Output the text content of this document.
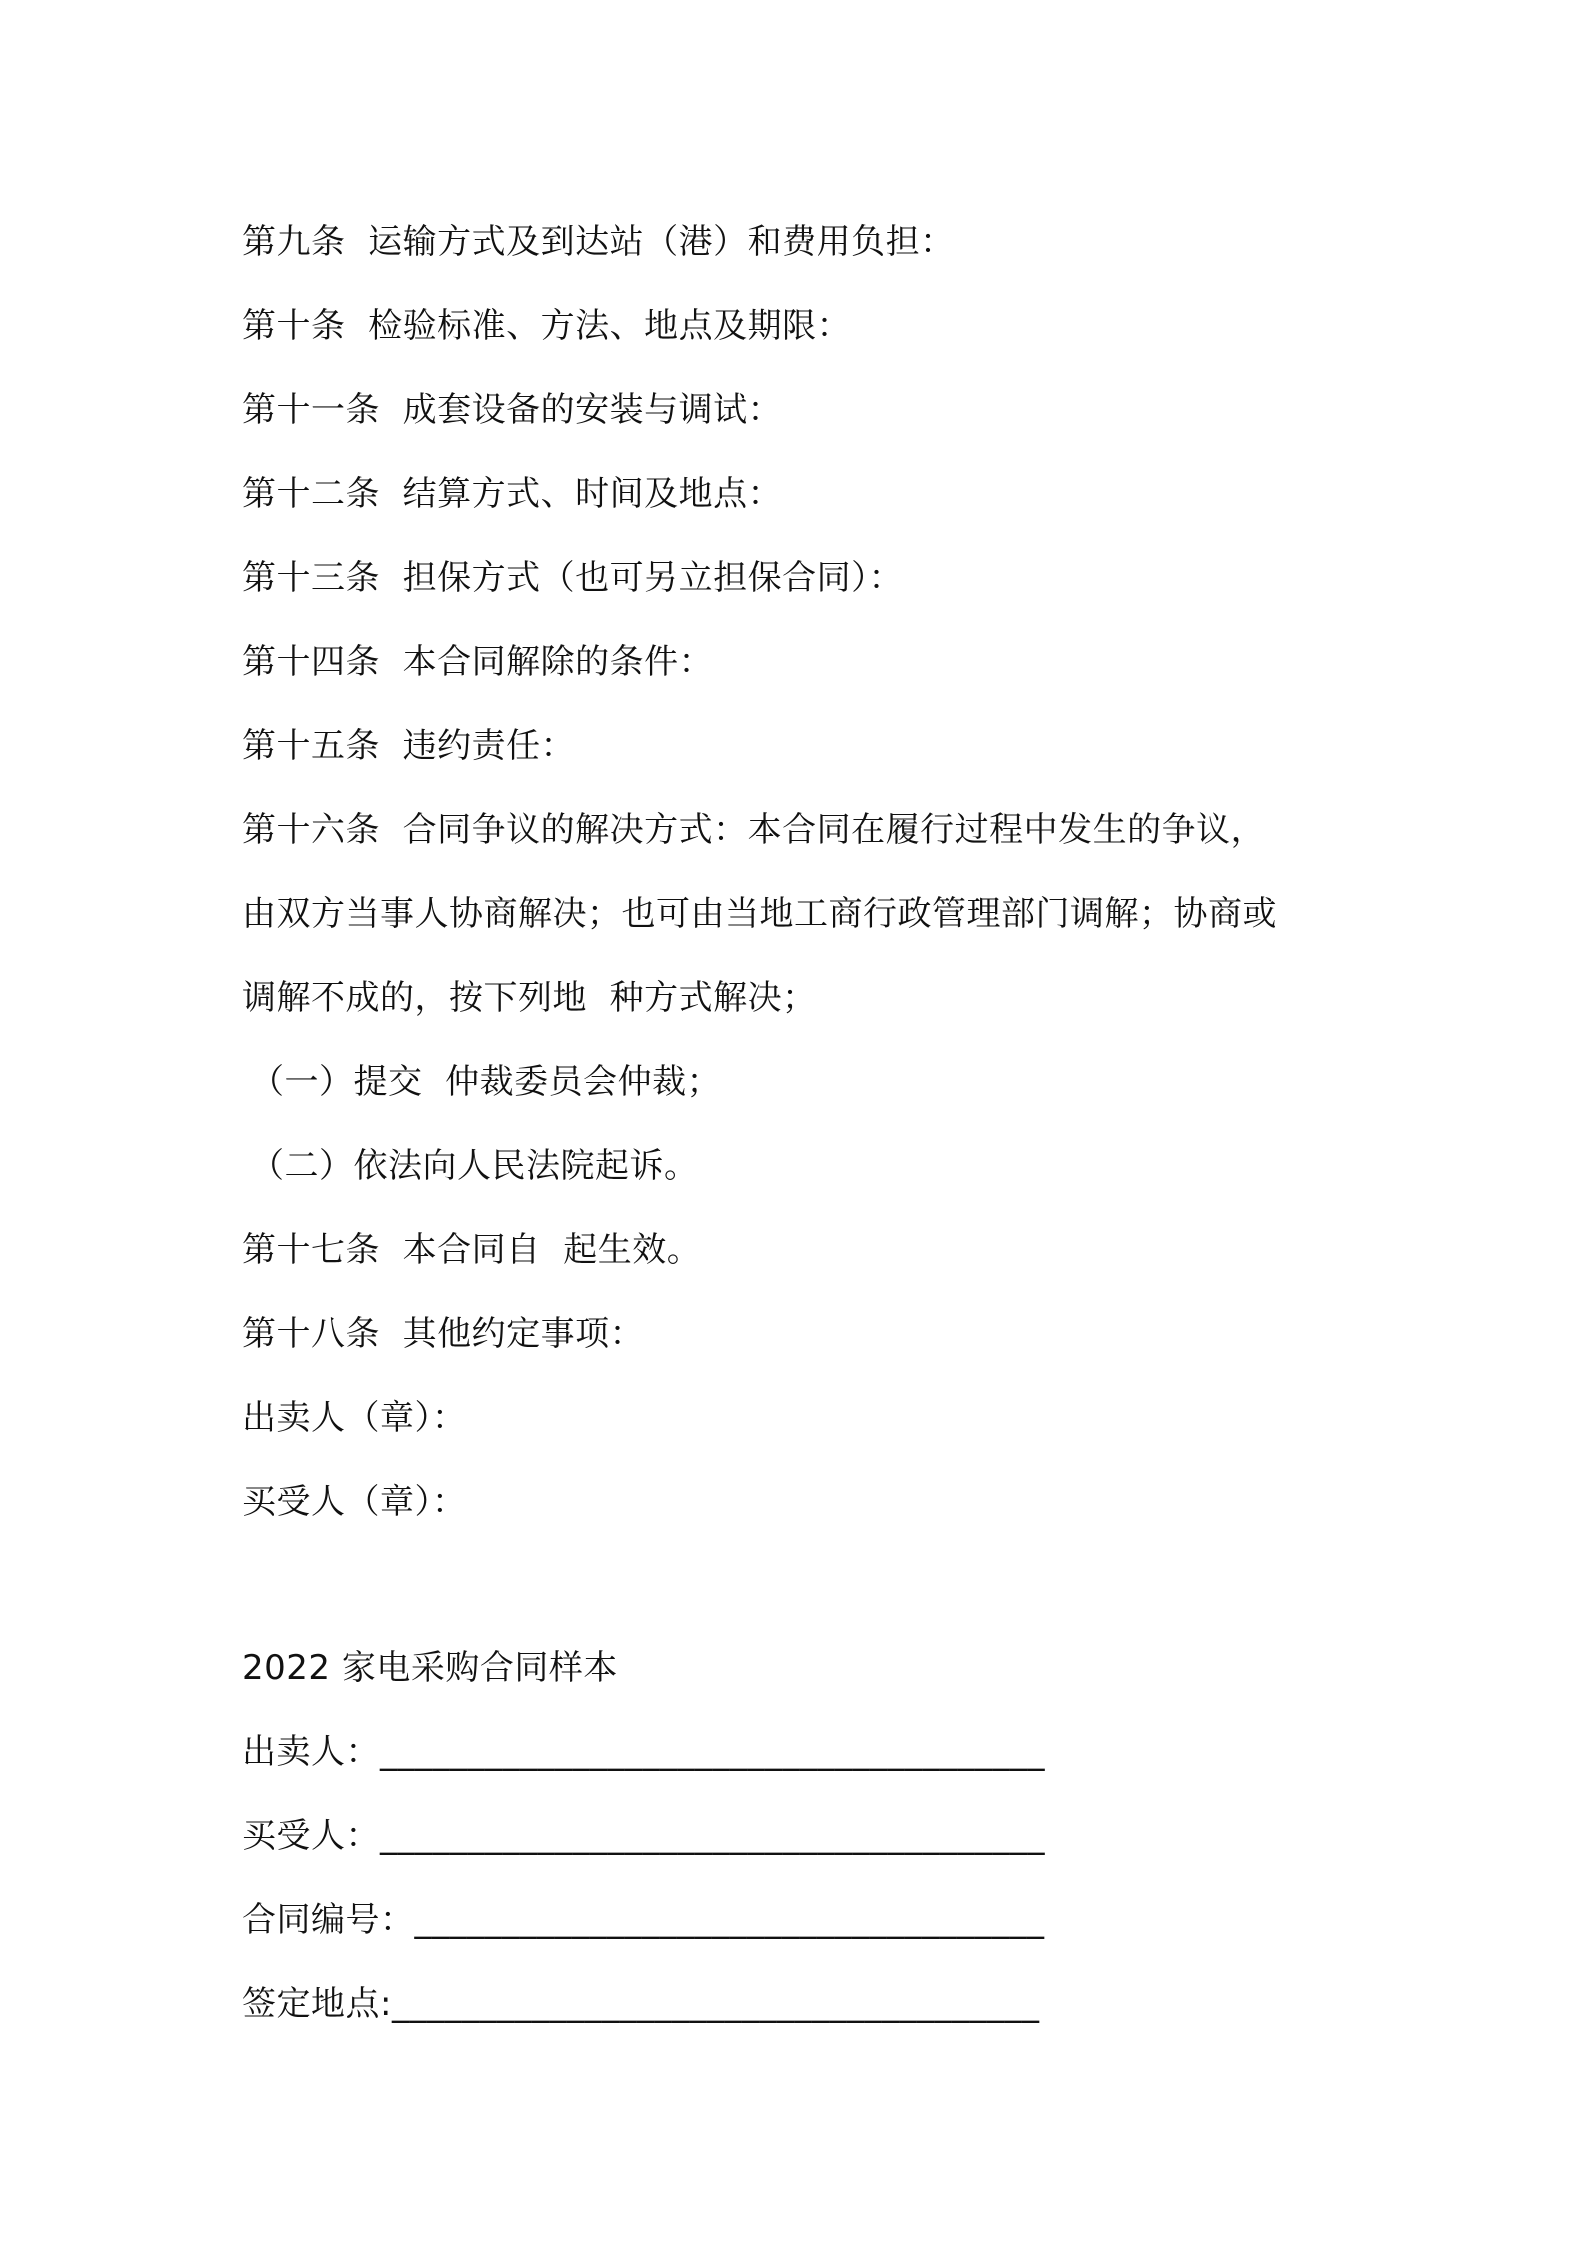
第九条  运输方式及到达站（港）和费用负担：
第十条  检验标准、方法、地点及期限：
第十一条  成套设备的安装与调试：
第十二条  结算方式、时间及地点：
第十三条  担保方式（也可另立担保合同）：
第十四条  本合同解除的条件：
第十五条  违约责任：
第十六条  合同争议的解决方式：本合同在履行过程中发生的争议，
由双方当事人协商解决；也可由当地工商行政管理部门调解；协商或
调解不成的，按下列地  种方式解决；
（一）提交  仲裁委员会仲裁；
（二）依法向人民法院起诉。
第十七条  本合同自  起生效。
第十八条  其他约定事项：
出卖人（章）：
买受人（章）：
2022 家电采购合同样本
出卖人：______________________________________
买受人：______________________________________
合同编号：____________________________________
签定地点:_____________________________________
